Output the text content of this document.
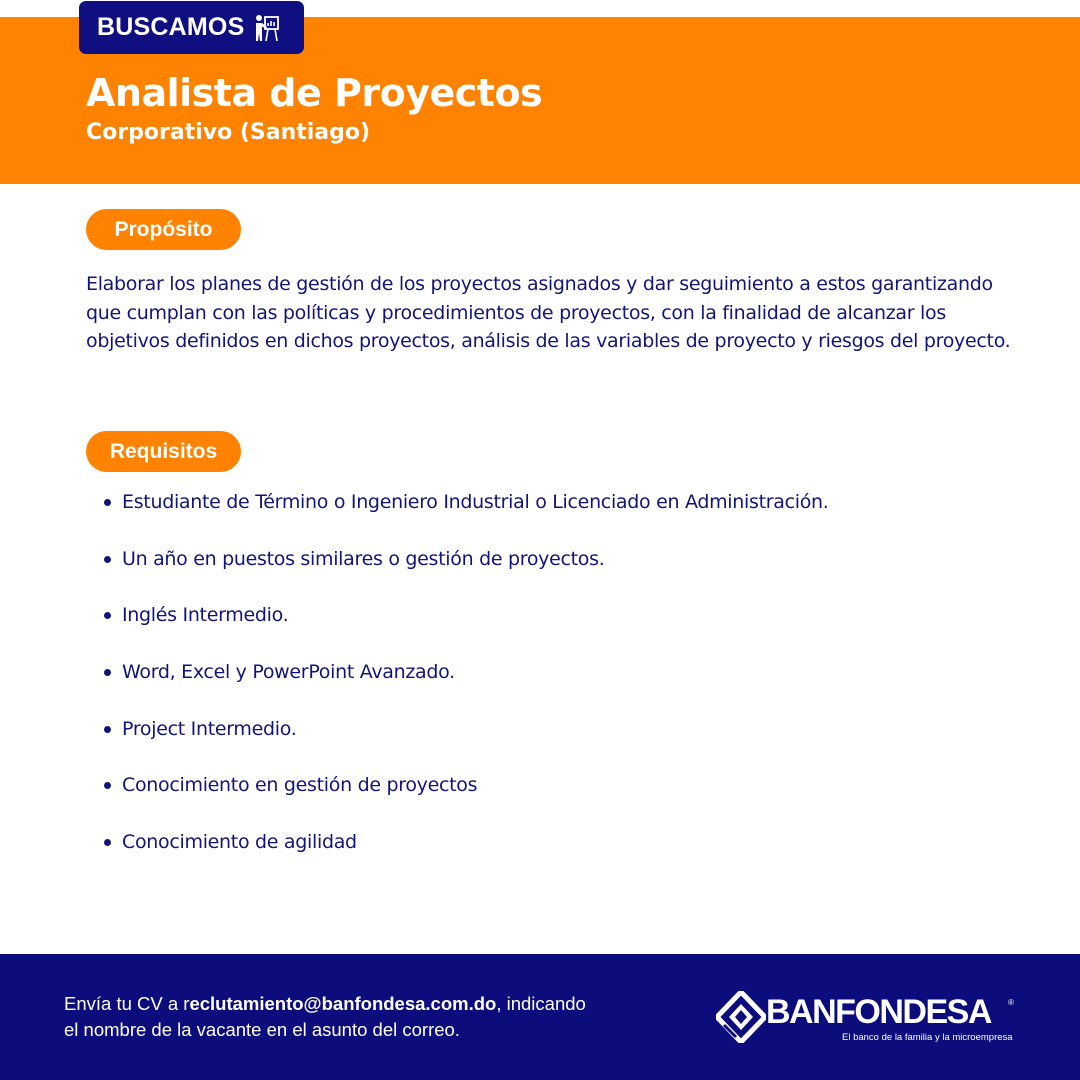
BUSCAMOS
Analista de Proyectos
Corporativo (Santiago)
Propósito

Elaborar los planes de gestión de los proyectos asignados y dar seguimiento a estos garantizando que cumplan con las políticas y procedimientos de proyectos, con la finalidad de alcanzar los objetivos definidos en dichos proyectos, análisis de las variables de proyecto y riesgos del proyecto.

Requisitos
Estudiante de Término o Ingeniero Industrial o Licenciado en Administración.
Un año en puestos similares o gestión de proyectos.
Inglés Intermedio.
Word, Excel y PowerPoint Avanzado.
Project Intermedio.
Conocimiento en gestión de proyectos
Conocimiento de agilidad

Envía tu CV a reclutamiento@banfondesa.com.do, indicando
el nombre de la vacante en el asunto del correo.	BANFONDESA ®
El banco de la familia y la microempresa
